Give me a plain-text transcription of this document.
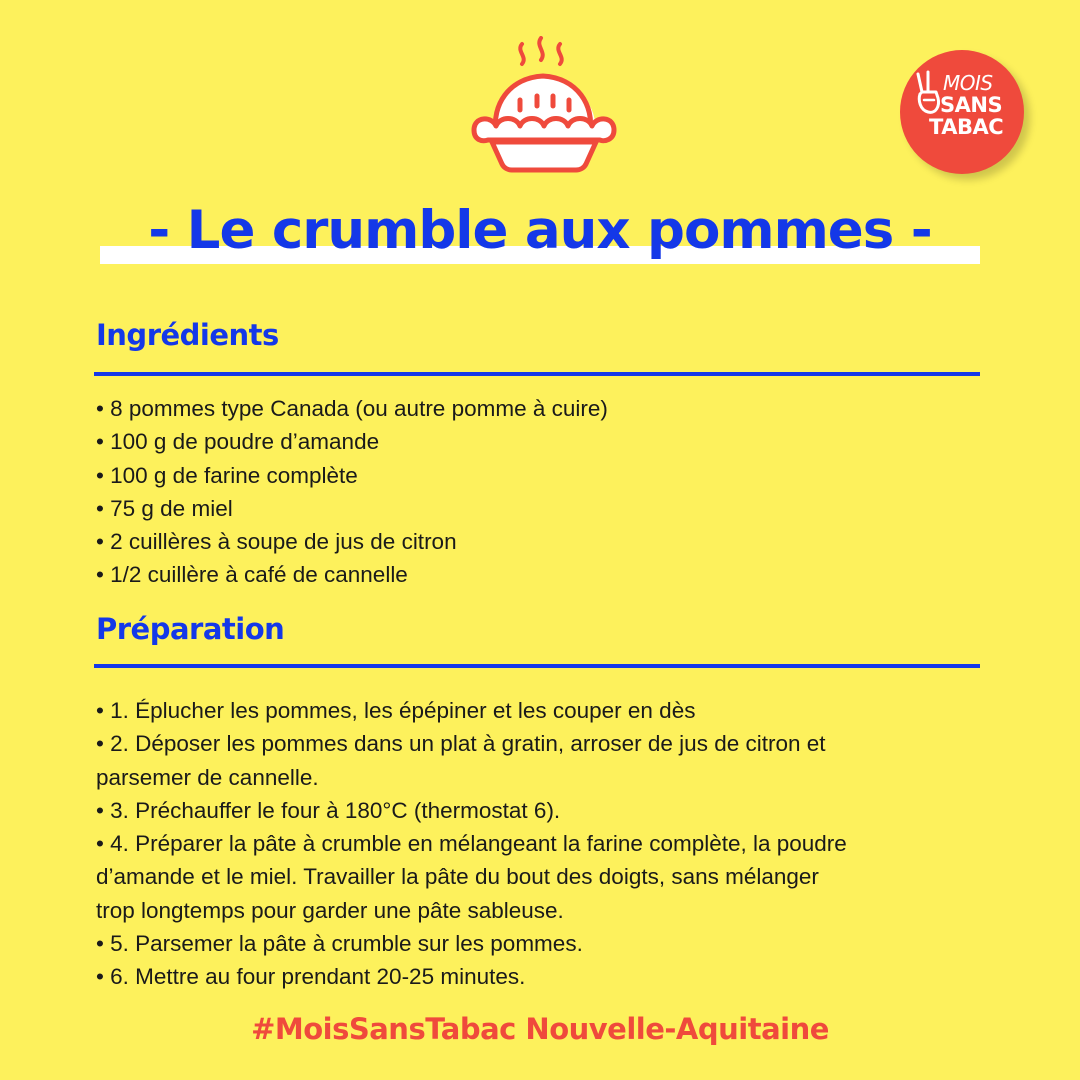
MOIS
SANS
TABAC
- Le crumble aux pommes -
Ingrédients
• 8 pommes type Canada (ou autre pomme à cuire)
• 100 g de poudre d’amande
• 100 g de farine complète
• 75 g de miel
• 2 cuillères à soupe de jus de citron
• 1/2 cuillère à café de cannelle
Préparation
• 1. Éplucher les pommes, les épépiner et les couper en dès
• 2. Déposer les pommes dans un plat à gratin, arroser de jus de citron et
parsemer de cannelle.
• 3. Préchauffer le four à 180°C (thermostat 6).
• 4. Préparer la pâte à crumble en mélangeant la farine complète, la poudre
d’amande et le miel. Travailler la pâte du bout des doigts, sans mélanger
trop longtemps pour garder une pâte sableuse.
• 5. Parsemer la pâte à crumble sur les pommes.
• 6. Mettre au four prendant 20-25 minutes.
#MoisSansTabac Nouvelle-Aquitaine
